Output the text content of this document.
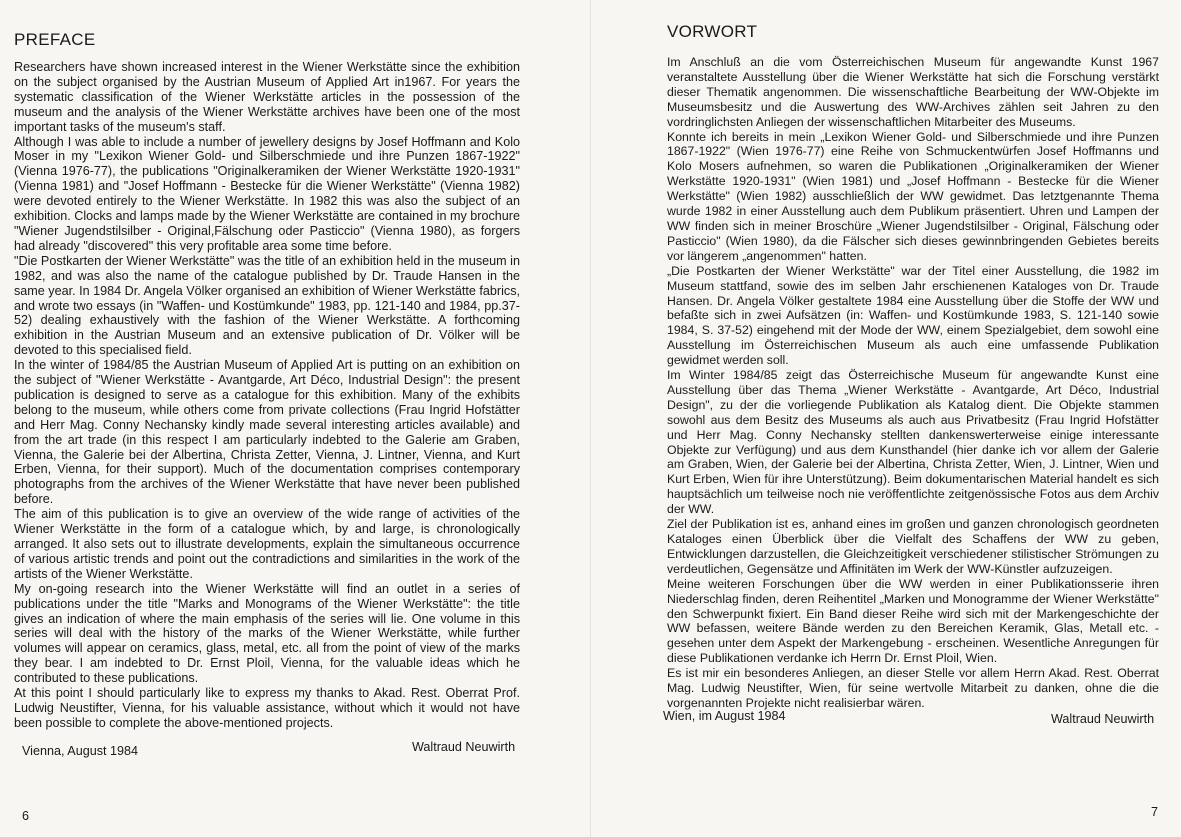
PREFACE

Researchers have shown increased interest in the Wiener Werkstätte since the exhibition on the subject organised by the Austrian Museum of Applied Art in1967. For years the systematic classification of the Wiener Werkstätte articles in the possession of the museum and the analysis of the Wiener Werkstätte archives have been one of the most important tasks of the museum's staff.

Although I was able to include a number of jewellery designs by Josef Hoffmann and Kolo Moser in my "Lexikon Wiener Gold- und Silberschmiede und ihre Punzen 1867-1922" (Vienna 1976-77), the publications "Originalkeramiken der Wiener Werkstätte 1920-1931" (Vienna 1981) and "Josef Hoffmann - Bestecke für die Wiener Werkstätte" (Vienna 1982) were devoted entirely to the Wiener Werkstätte. In 1982 this was also the subject of an exhibition. Clocks and lamps made by the Wiener Werkstätte are contained in my brochure "Wiener Jugendstilsilber - Original,Fälschung oder Pasticcio" (Vienna 1980), as forgers had already "discovered" this very profitable area some time before.

"Die Postkarten der Wiener Werkstätte" was the title of an exhibition held in the museum in 1982, and was also the name of the catalogue published by Dr. Traude Hansen in the same year. In 1984 Dr. Angela Völker organised an exhibition of Wiener Werkstätte fabrics, and wrote two essays (in "Waffen- und Kostümkunde" 1983, pp. 121-140 and 1984, pp.37-52) dealing exhaustively with the fashion of the Wiener Werkstätte. A forthcoming exhibition in the Austrian Museum and an extensive publication of Dr. Völker will be devoted to this specialised field.

In the winter of 1984/85 the Austrian Museum of Applied Art is putting on an exhibition on the subject of "Wiener Werkstätte - Avantgarde, Art Déco, Industrial Design": the present publication is designed to serve as a catalogue for this exhibition. Many of the exhibits belong to the museum, while others come from private collections (Frau Ingrid Hofstätter and Herr Mag. Conny Nechansky kindly made several interesting articles available) and from the art trade (in this respect I am particularly indebted to the Galerie am Graben, Vienna, the Galerie bei der Albertina, Christa Zetter, Vienna, J. Lintner, Vienna, and Kurt Erben, Vienna, for their support). Much of the documentation comprises contemporary photographs from the archives of the Wiener Werkstätte that have never been published before.

The aim of this publication is to give an overview of the wide range of activities of the Wiener Werkstätte in the form of a catalogue which, by and large, is chronologically arranged. It also sets out to illustrate developments, explain the simultaneous occurrence of various artistic trends and point out the contradictions and similarities in the work of the artists of the Wiener Werkstätte.

My on-going research into the Wiener Werkstätte will find an outlet in a series of publications under the title "Marks and Monograms of the Wiener Werkstätte": the title gives an indication of where the main emphasis of the series will lie. One volume in this series will deal with the history of the marks of the Wiener Werkstätte, while further volumes will appear on ceramics, glass, metal, etc. all from the point of view of the marks they bear. I am indebted to Dr. Ernst Ploil, Vienna, for the valuable ideas which he contributed to these publications.

At this point I should particularly like to express my thanks to Akad. Rest. Oberrat Prof. Ludwig Neustifter, Vienna, for his valuable assistance, without which it would not have been possible to complete the above-mentioned projects.

Vienna, August 1984	Waltraud Neuwirth
6
VORWORT

Im Anschluß an die vom Österreichischen Museum für angewandte Kunst 1967 veranstaltete Ausstellung über die Wiener Werkstätte hat sich die Forschung verstärkt dieser Thematik angenommen. Die wissenschaftliche Bearbeitung der WW-Objekte im Museumsbesitz und die Auswertung des WW-Archives zählen seit Jahren zu den vordringlichsten Anliegen der wissenschaftlichen Mitarbeiter des Museums.

Konnte ich bereits in mein „Lexikon Wiener Gold- und Silberschmiede und ihre Punzen 1867-1922" (Wien 1976-77) eine Reihe von Schmuckentwürfen Josef Hoffmanns und Kolo Mosers aufnehmen, so waren die Publikationen „Originalkeramiken der Wiener Werkstätte 1920-1931" (Wien 1981) und „Josef Hoffmann - Bestecke für die Wiener Werkstätte" (Wien 1982) ausschließlich der WW gewidmet. Das letztgenannte Thema wurde 1982 in einer Ausstellung auch dem Publikum präsentiert. Uhren und Lampen der WW finden sich in meiner Broschüre „Wiener Jugendstilsilber - Original, Fälschung oder Pasticcio" (Wien 1980), da die Fälscher sich dieses gewinnbringenden Gebietes bereits vor längerem „angenommen" hatten.

„Die Postkarten der Wiener Werkstätte" war der Titel einer Ausstellung, die 1982 im Museum stattfand, sowie des im selben Jahr erschienenen Kataloges von Dr. Traude Hansen. Dr. Angela Völker gestaltete 1984 eine Ausstellung über die Stoffe der WW und befaßte sich in zwei Aufsätzen (in: Waffen- und Kostümkunde 1983, S. 121-140 sowie 1984, S. 37-52) eingehend mit der Mode der WW, einem Spezialgebiet, dem sowohl eine Ausstellung im Österreichischen Museum als auch eine umfassende Publikation gewidmet werden soll.

Im Winter 1984/85 zeigt das Österreichische Museum für angewandte Kunst eine Ausstellung über das Thema „Wiener Werkstätte - Avantgarde, Art Déco, Industrial Design", zu der die vorliegende Publikation als Katalog dient. Die Objekte stammen sowohl aus dem Besitz des Museums als auch aus Privatbesitz (Frau Ingrid Hofstätter und Herr Mag. Conny Nechansky stellten dankenswerterweise einige interessante Objekte zur Verfügung) und aus dem Kunsthandel (hier danke ich vor allem der Galerie am Graben, Wien, der Galerie bei der Albertina, Christa Zetter, Wien, J. Lintner, Wien und Kurt Erben, Wien für ihre Unterstützung). Beim dokumentarischen Material handelt es sich hauptsächlich um teilweise noch nie veröffentlichte zeitgenössische Fotos aus dem Archiv der WW.

Ziel der Publikation ist es, anhand eines im großen und ganzen chronologisch geordneten Kataloges einen Überblick über die Vielfalt des Schaffens der WW zu geben, Entwicklungen darzustellen, die Gleichzeitigkeit verschiedener stilistischer Strömungen zu verdeutlichen, Gegensätze und Affinitäten im Werk der WW-Künstler aufzuzeigen.

Meine weiteren Forschungen über die WW werden in einer Publikationsserie ihren Niederschlag finden, deren Reihentitel „Marken und Monogramme der Wiener Werkstätte" den Schwerpunkt fixiert. Ein Band dieser Reihe wird sich mit der Markengeschichte der WW befassen, weitere Bände werden zu den Bereichen Keramik, Glas, Metall etc. - gesehen unter dem Aspekt der Markengebung - erscheinen. Wesentliche Anregungen für diese Publikationen verdanke ich Herrn Dr. Ernst Ploil, Wien.

Es ist mir ein besonderes Anliegen, an dieser Stelle vor allem Herrn Akad. Rest. Oberrat Mag. Ludwig Neustifter, Wien, für seine wertvolle Mitarbeit zu danken, ohne die die vorgenannten Projekte nicht realisierbar wären.

Wien, im August 1984	Waltraud Neuwirth
7
